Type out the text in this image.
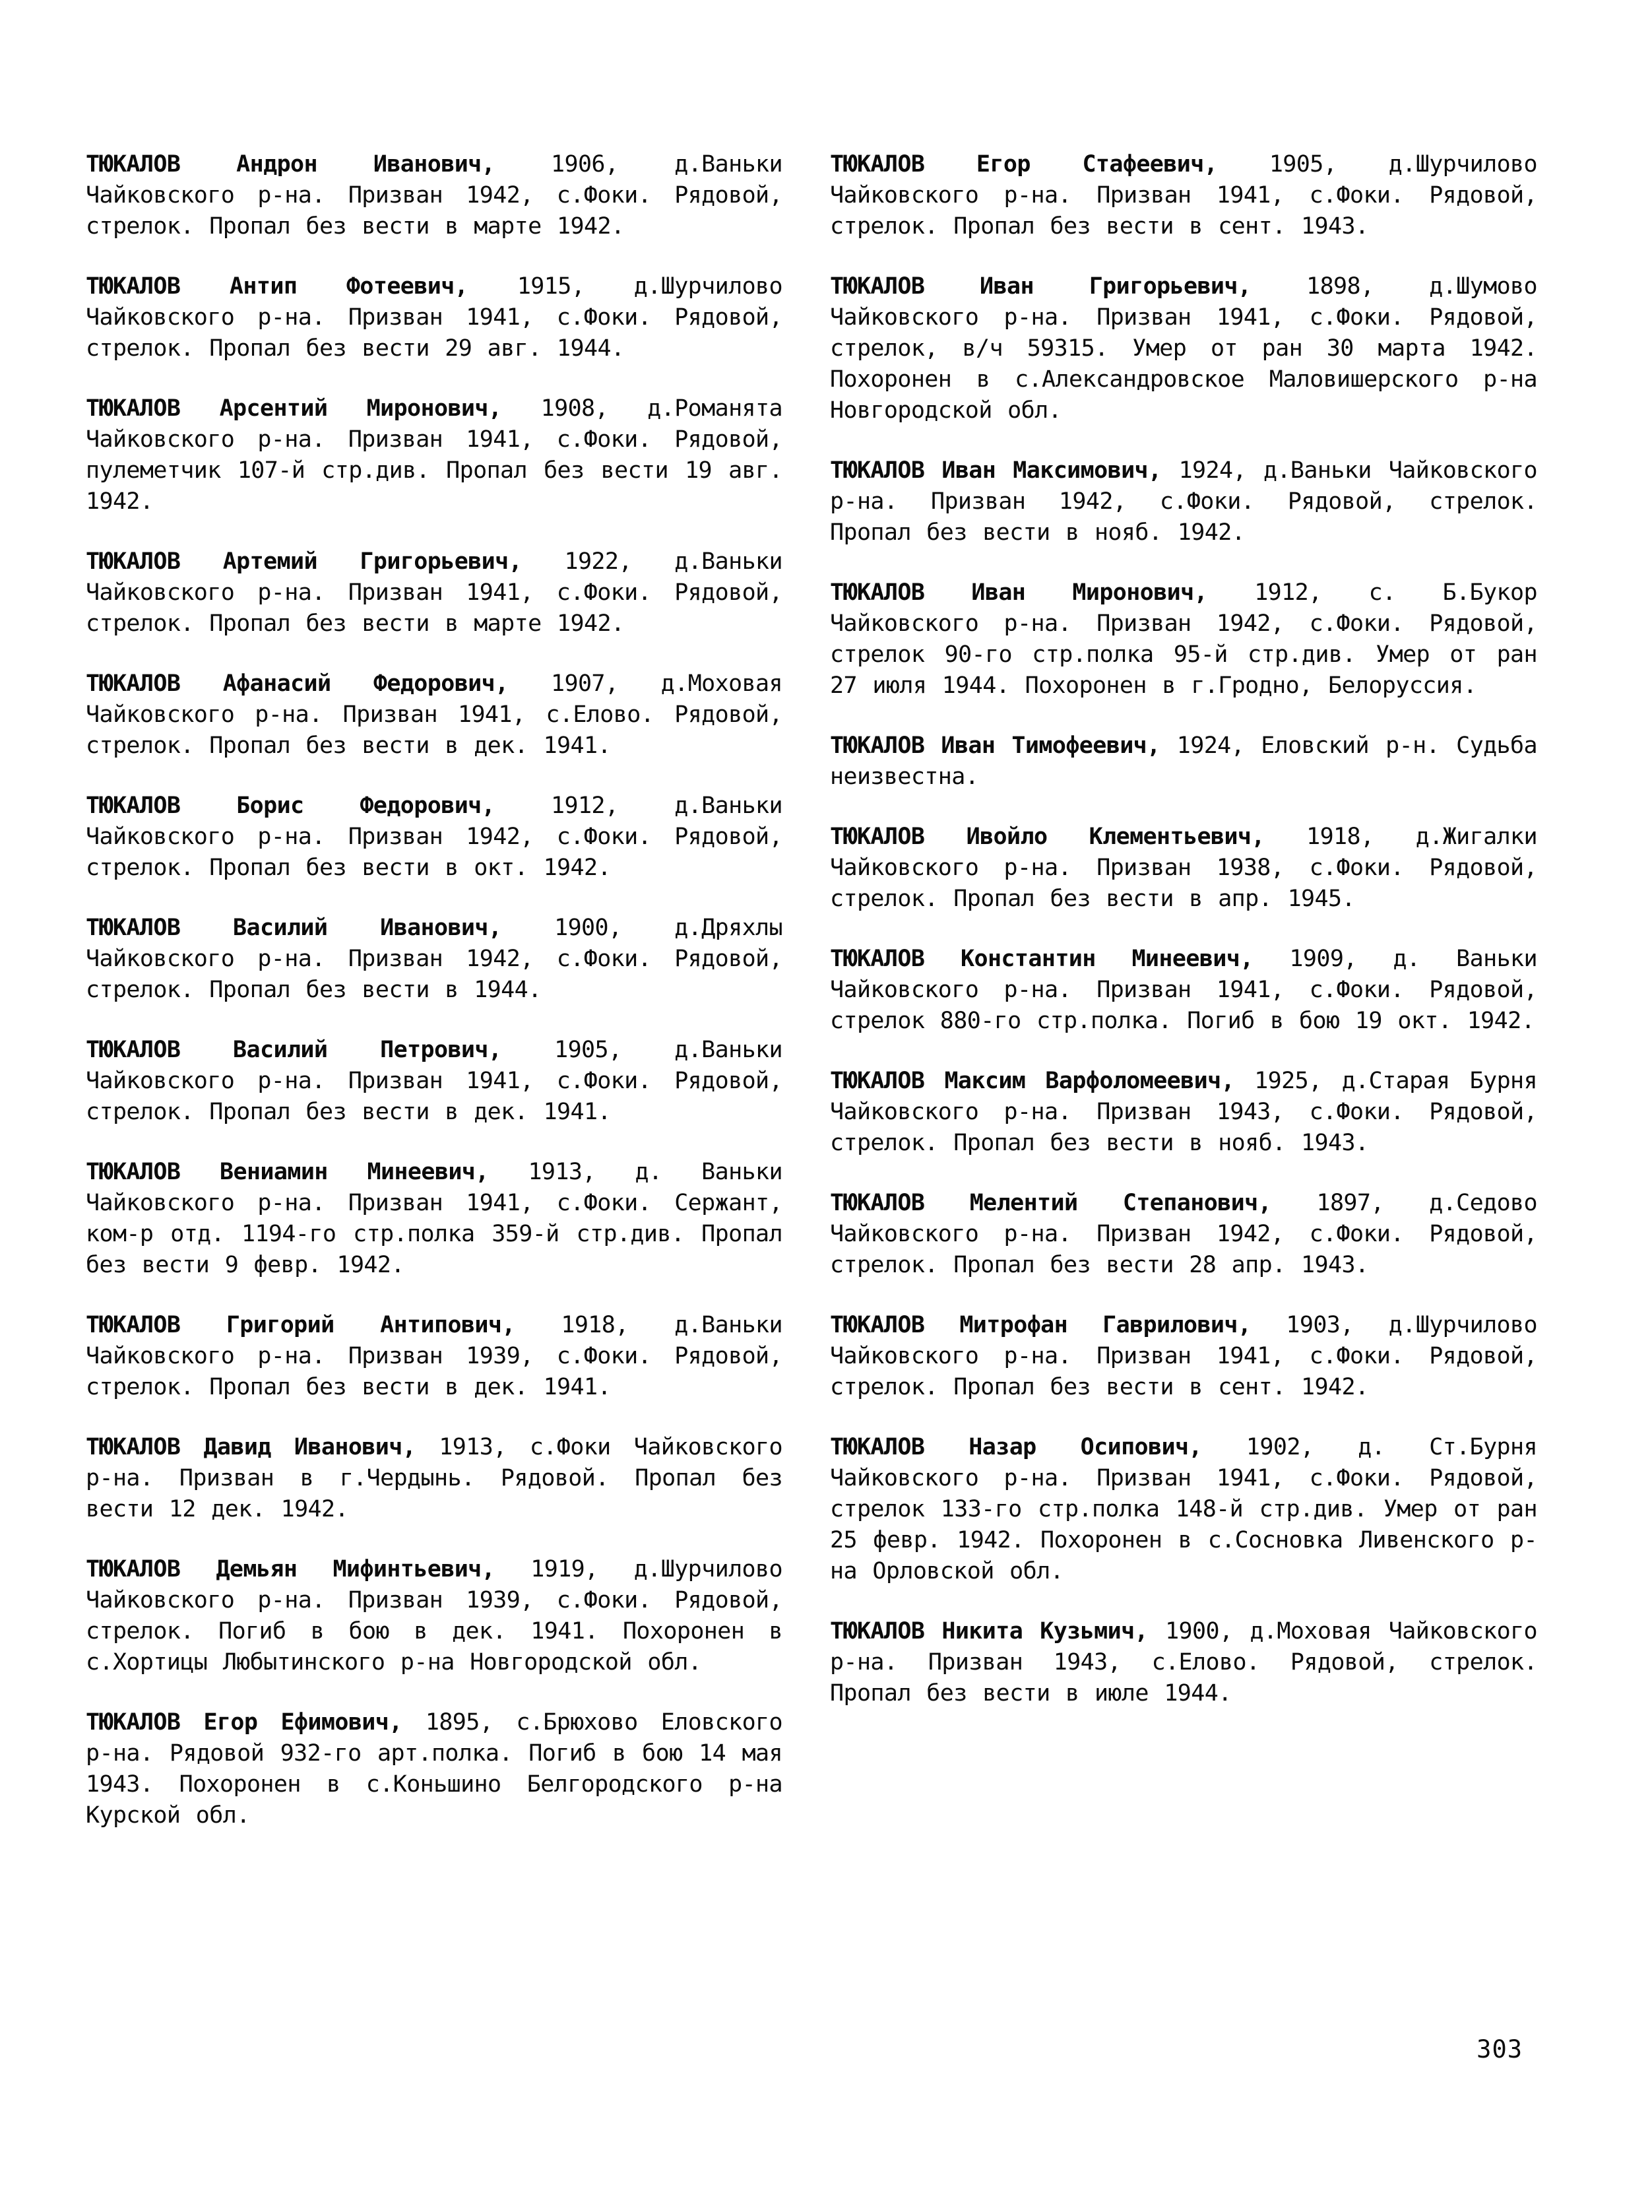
ТЮКАЛОВ Андрон Иванович, 1906, д.Ваньки Чайковского р-на. Призван 1942, с.Фоки. Рядовой, стрелок. Пропал без вести в марте 1942.

ТЮКАЛОВ Антип Фотеевич, 1915, д.Шурчилово Чайковского р-на. Призван 1941, с.Фоки. Рядовой, стрелок. Пропал без вести 29 авг. 1944.

ТЮКАЛОВ Арсентий Миронович, 1908, д.Романята Чайковского р-на. Призван 1941, с.Фоки. Рядовой, пулеметчик 107-й стр.див. Пропал без вести 19 авг. 1942.

ТЮКАЛОВ Артемий Григорьевич, 1922, д.Ваньки Чайковского р-на. Призван 1941, с.Фоки. Рядовой, стрелок. Пропал без вести в марте 1942.

ТЮКАЛОВ Афанасий Федорович, 1907, д.Моховая Чайковского р-на. Призван 1941, с.Елово. Рядовой, стрелок. Пропал без вести в дек. 1941.

ТЮКАЛОВ Борис Федорович, 1912, д.Ваньки Чайковского р-на. Призван 1942, с.Фоки. Рядовой, стрелок. Пропал без вести в окт. 1942.

ТЮКАЛОВ Василий Иванович, 1900, д.Дряхлы Чайковского р-на. Призван 1942, с.Фоки. Рядовой, стрелок. Пропал без вести в 1944.

ТЮКАЛОВ Василий Петрович, 1905, д.Ваньки Чайковского р-на. Призван 1941, с.Фоки. Рядовой, стрелок. Пропал без вести в дек. 1941.

ТЮКАЛОВ Вениамин Минеевич, 1913, д. Ваньки Чайковского р-на. Призван 1941, с.Фоки. Сержант, ком-р отд. 1194-го стр.полка 359-й стр.див. Пропал без вести 9 февр. 1942.

ТЮКАЛОВ Григорий Антипович, 1918, д.Ваньки Чайковского р-на. Призван 1939, с.Фоки. Рядовой, стрелок. Пропал без вести в дек. 1941.

ТЮКАЛОВ Давид Иванович, 1913, с.Фоки Чайковского р-на. Призван в г.Чердынь. Рядовой. Пропал без вести 12 дек. 1942.

ТЮКАЛОВ Демьян Мифинтьевич, 1919, д.Шурчилово Чайковского р-на. Призван 1939, с.Фоки. Рядовой, стрелок. Погиб в бою в дек. 1941. Похоронен в с.Хортицы Любытинского р-на Новгородской обл.

ТЮКАЛОВ Егор Ефимович, 1895, с.Брюхово Еловского р-на. Рядовой 932-го арт.полка. Погиб в бою 14 мая 1943. Похоронен в с.Коньшино Белгородского р-на Курской обл.

ТЮКАЛОВ Егор Стафеевич, 1905, д.Шурчилово Чайковского р-на. Призван 1941, с.Фоки. Рядовой, стрелок. Пропал без вести в сент. 1943.

ТЮКАЛОВ Иван Григорьевич, 1898, д.Шумово Чайковского р-на. Призван 1941, с.Фоки. Рядовой, стрелок, в/ч 59315. Умер от ран 30 марта 1942. Похоронен в с.Александровское Маловишерского р-на Новгородской обл.

ТЮКАЛОВ Иван Максимович, 1924, д.Ваньки Чайковского р-на. Призван 1942, с.Фоки. Рядовой, стрелок. Пропал без вести в нояб. 1942.

ТЮКАЛОВ Иван Миронович, 1912, с. Б.Букор Чайковского р-на. Призван 1942, с.Фоки. Рядовой, стрелок 90-го стр.полка 95-й стр.див. Умер от ран 27 июля 1944. Похоронен в г.Гродно, Белоруссия.

ТЮКАЛОВ Иван Тимофеевич, 1924, Еловский р-н. Судьба неизвестна.

ТЮКАЛОВ Ивойло Клементьевич, 1918, д.Жигалки Чайковского р-на. Призван 1938, с.Фоки. Рядовой, стрелок. Пропал без вести в апр. 1945.

ТЮКАЛОВ Константин Минеевич, 1909, д. Ваньки Чайковского р-на. Призван 1941, с.Фоки. Рядовой, стрелок 880-го стр.полка. Погиб в бою 19 окт. 1942.

ТЮКАЛОВ Максим Варфоломеевич, 1925, д.Старая Бурня Чайковского р-на. Призван 1943, с.Фоки. Рядовой, стрелок. Пропал без вести в нояб. 1943.

ТЮКАЛОВ Мелентий Степанович, 1897, д.Седово Чайковского р-на. Призван 1942, с.Фоки. Рядовой, стрелок. Пропал без вести 28 апр. 1943.

ТЮКАЛОВ Митрофан Гаврилович, 1903, д.Шурчилово Чайковского р-на. Призван 1941, с.Фоки. Рядовой, стрелок. Пропал без вести в сент. 1942.

ТЮКАЛОВ Назар Осипович, 1902, д. Ст.Бурня Чайковского р-на. Призван 1941, с.Фоки. Рядовой, стрелок 133-го стр.полка 148-й стр.див. Умер от ран 25 февр. 1942. Похоронен в с.Сосновка Ливенского р-на Орловской обл.

ТЮКАЛОВ Никита Кузьмич, 1900, д.Моховая Чайковского р-на. Призван 1943, с.Елово. Рядовой, стрелок. Пропал без вести в июле 1944.

303
